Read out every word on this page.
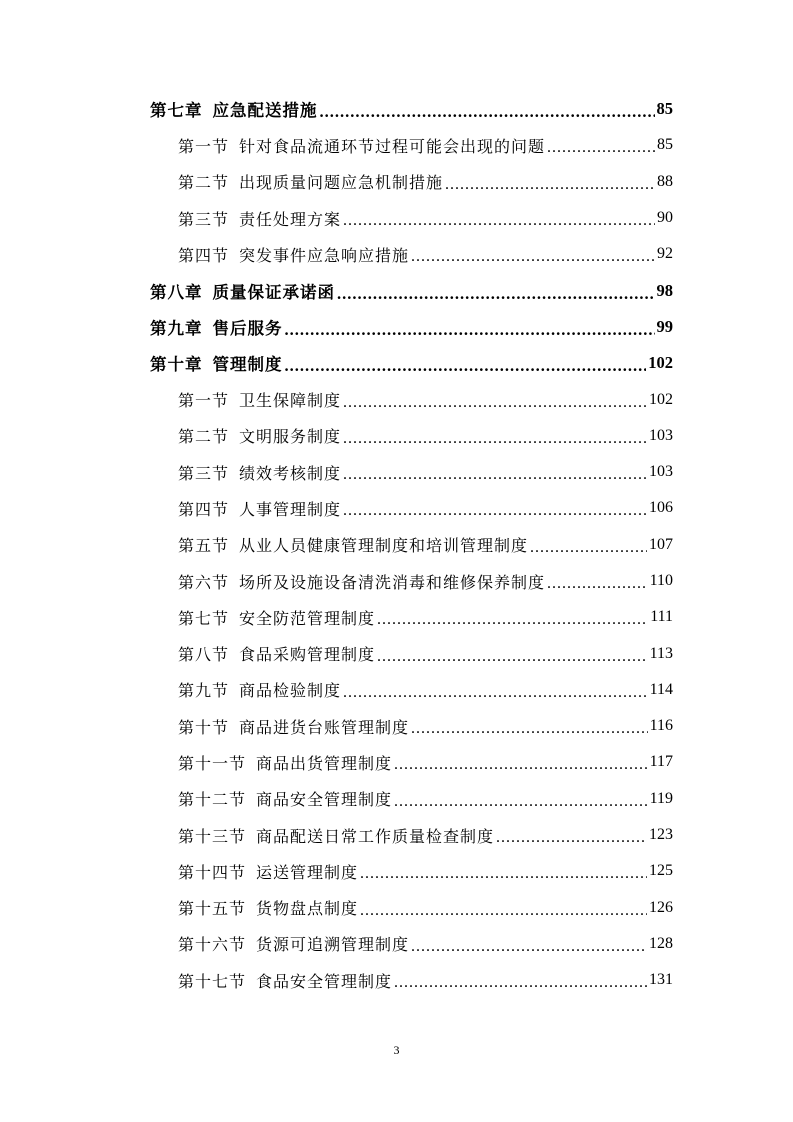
第七章 应急配送措施 .....	85
第一节 针对食品流通环节过程可能会出现的问题 .....	85
第二节 出现质量问题应急机制措施 .....	88
第三节 责任处理方案 .....	90
第四节 突发事件应急响应措施 .....	92
第八章 质量保证承诺函 .....	98
第九章 售后服务 .....	99
第十章 管理制度 .....	102
第一节 卫生保障制度 .....	102
第二节 文明服务制度 .....	103
第三节 绩效考核制度 .....	103
第四节 人事管理制度 .....	106
第五节 从业人员健康管理制度和培训管理制度 .....	107
第六节 场所及设施设备清洗消毒和维修保养制度 .....	110
第七节 安全防范管理制度 .....	111
第八节 食品采购管理制度 .....	113
第九节 商品检验制度 .....	114
第十节 商品进货台账管理制度 .....	116
第十一节 商品出货管理制度 .....	117
第十二节 商品安全管理制度 .....	119
第十三节 商品配送日常工作质量检查制度 .....	123
第十四节 运送管理制度 .....	125
第十五节 货物盘点制度 .....	126
第十六节 货源可追溯管理制度 .....	128
第十七节 食品安全管理制度 .....	131
3
